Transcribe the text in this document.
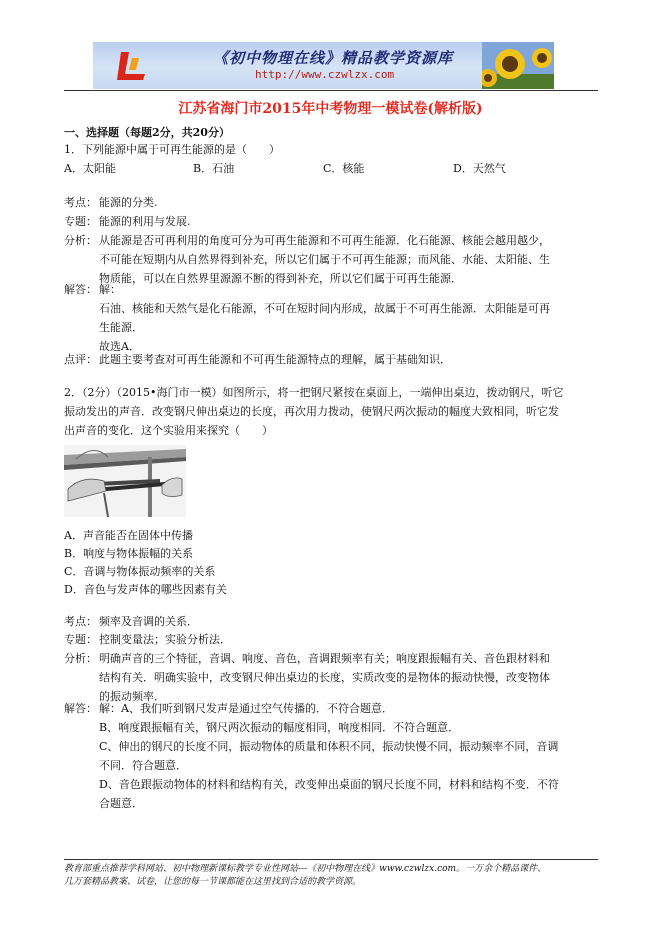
《初中物理在线》精品教学资源库
http://www.czwlzx.com
江苏省海门市2015年中考物理一模试卷(解析版)
一、选择题（每题2分，共20分）
1．下列能源中属于可再生能源的是（　　）
A．太阳能	B．石油	C．核能	D．天然气
考点： 能源的分类.

专题： 能源的利用与发展.

分析： 从能源是否可再利用的角度可分为可再生能源和不可再生能源．化石能源、核能会越用越少，

不可能在短期内从自然界得到补充，所以它们属于不可再生能源；而风能、水能、太阳能、生

物质能，可以在自然界里源源不断的得到补充，所以它们属于可再生能源．

解答： 解：

石油、核能和天然气是化石能源，不可在短时间内形成，故属于不可再生能源．太阳能是可再

生能源．

故选A．

点评： 此题主要考查对可再生能源和不可再生能源特点的理解，属于基础知识．

2．（2分）（2015•海门市一模）如图所示，将一把钢尺紧按在桌面上，一端伸出桌边，拨动钢尺，听它

振动发出的声音．改变钢尺伸出桌边的长度，再次用力拨动，使钢尺两次振动的幅度大致相同，听它发

出声音的变化．这个实验用来探究（　　）

A．声音能否在固体中传播
B．响度与物体振幅的关系
C．音调与物体振动频率的关系
D．音色与发声体的哪些因素有关
考点： 频率及音调的关系．

专题： 控制变量法；实验分析法．

分析： 明确声音的三个特征，音调、响度、音色，音调跟频率有关；响度跟振幅有关、音色跟材料和

结构有关．明确实验中，改变钢尺伸出桌边的长度，实质改变的是物体的振动快慢，改变物体

的振动频率．

解答： 解：A、我们听到钢尺发声是通过空气传播的．不符合题意．

B、响度跟振幅有关，钢尺两次振动的幅度相同，响度相同．不符合题意．

C、伸出的钢尺的长度不同，振动物体的质量和体积不同，振动快慢不同，振动频率不同，音调

不同．符合题意．

D、音色跟振动物体的材料和结构有关，改变伸出桌面的钢尺长度不同，材料和结构不变．不符

合题意．

教育部重点推荐学科网站、初中物理新课标教学专业性网站---《初中物理在线》www.czwlzx.com。一万余个精品课件、

几万套精品教案、试卷，让您的每一节课都能在这里找到合适的教学资源。
